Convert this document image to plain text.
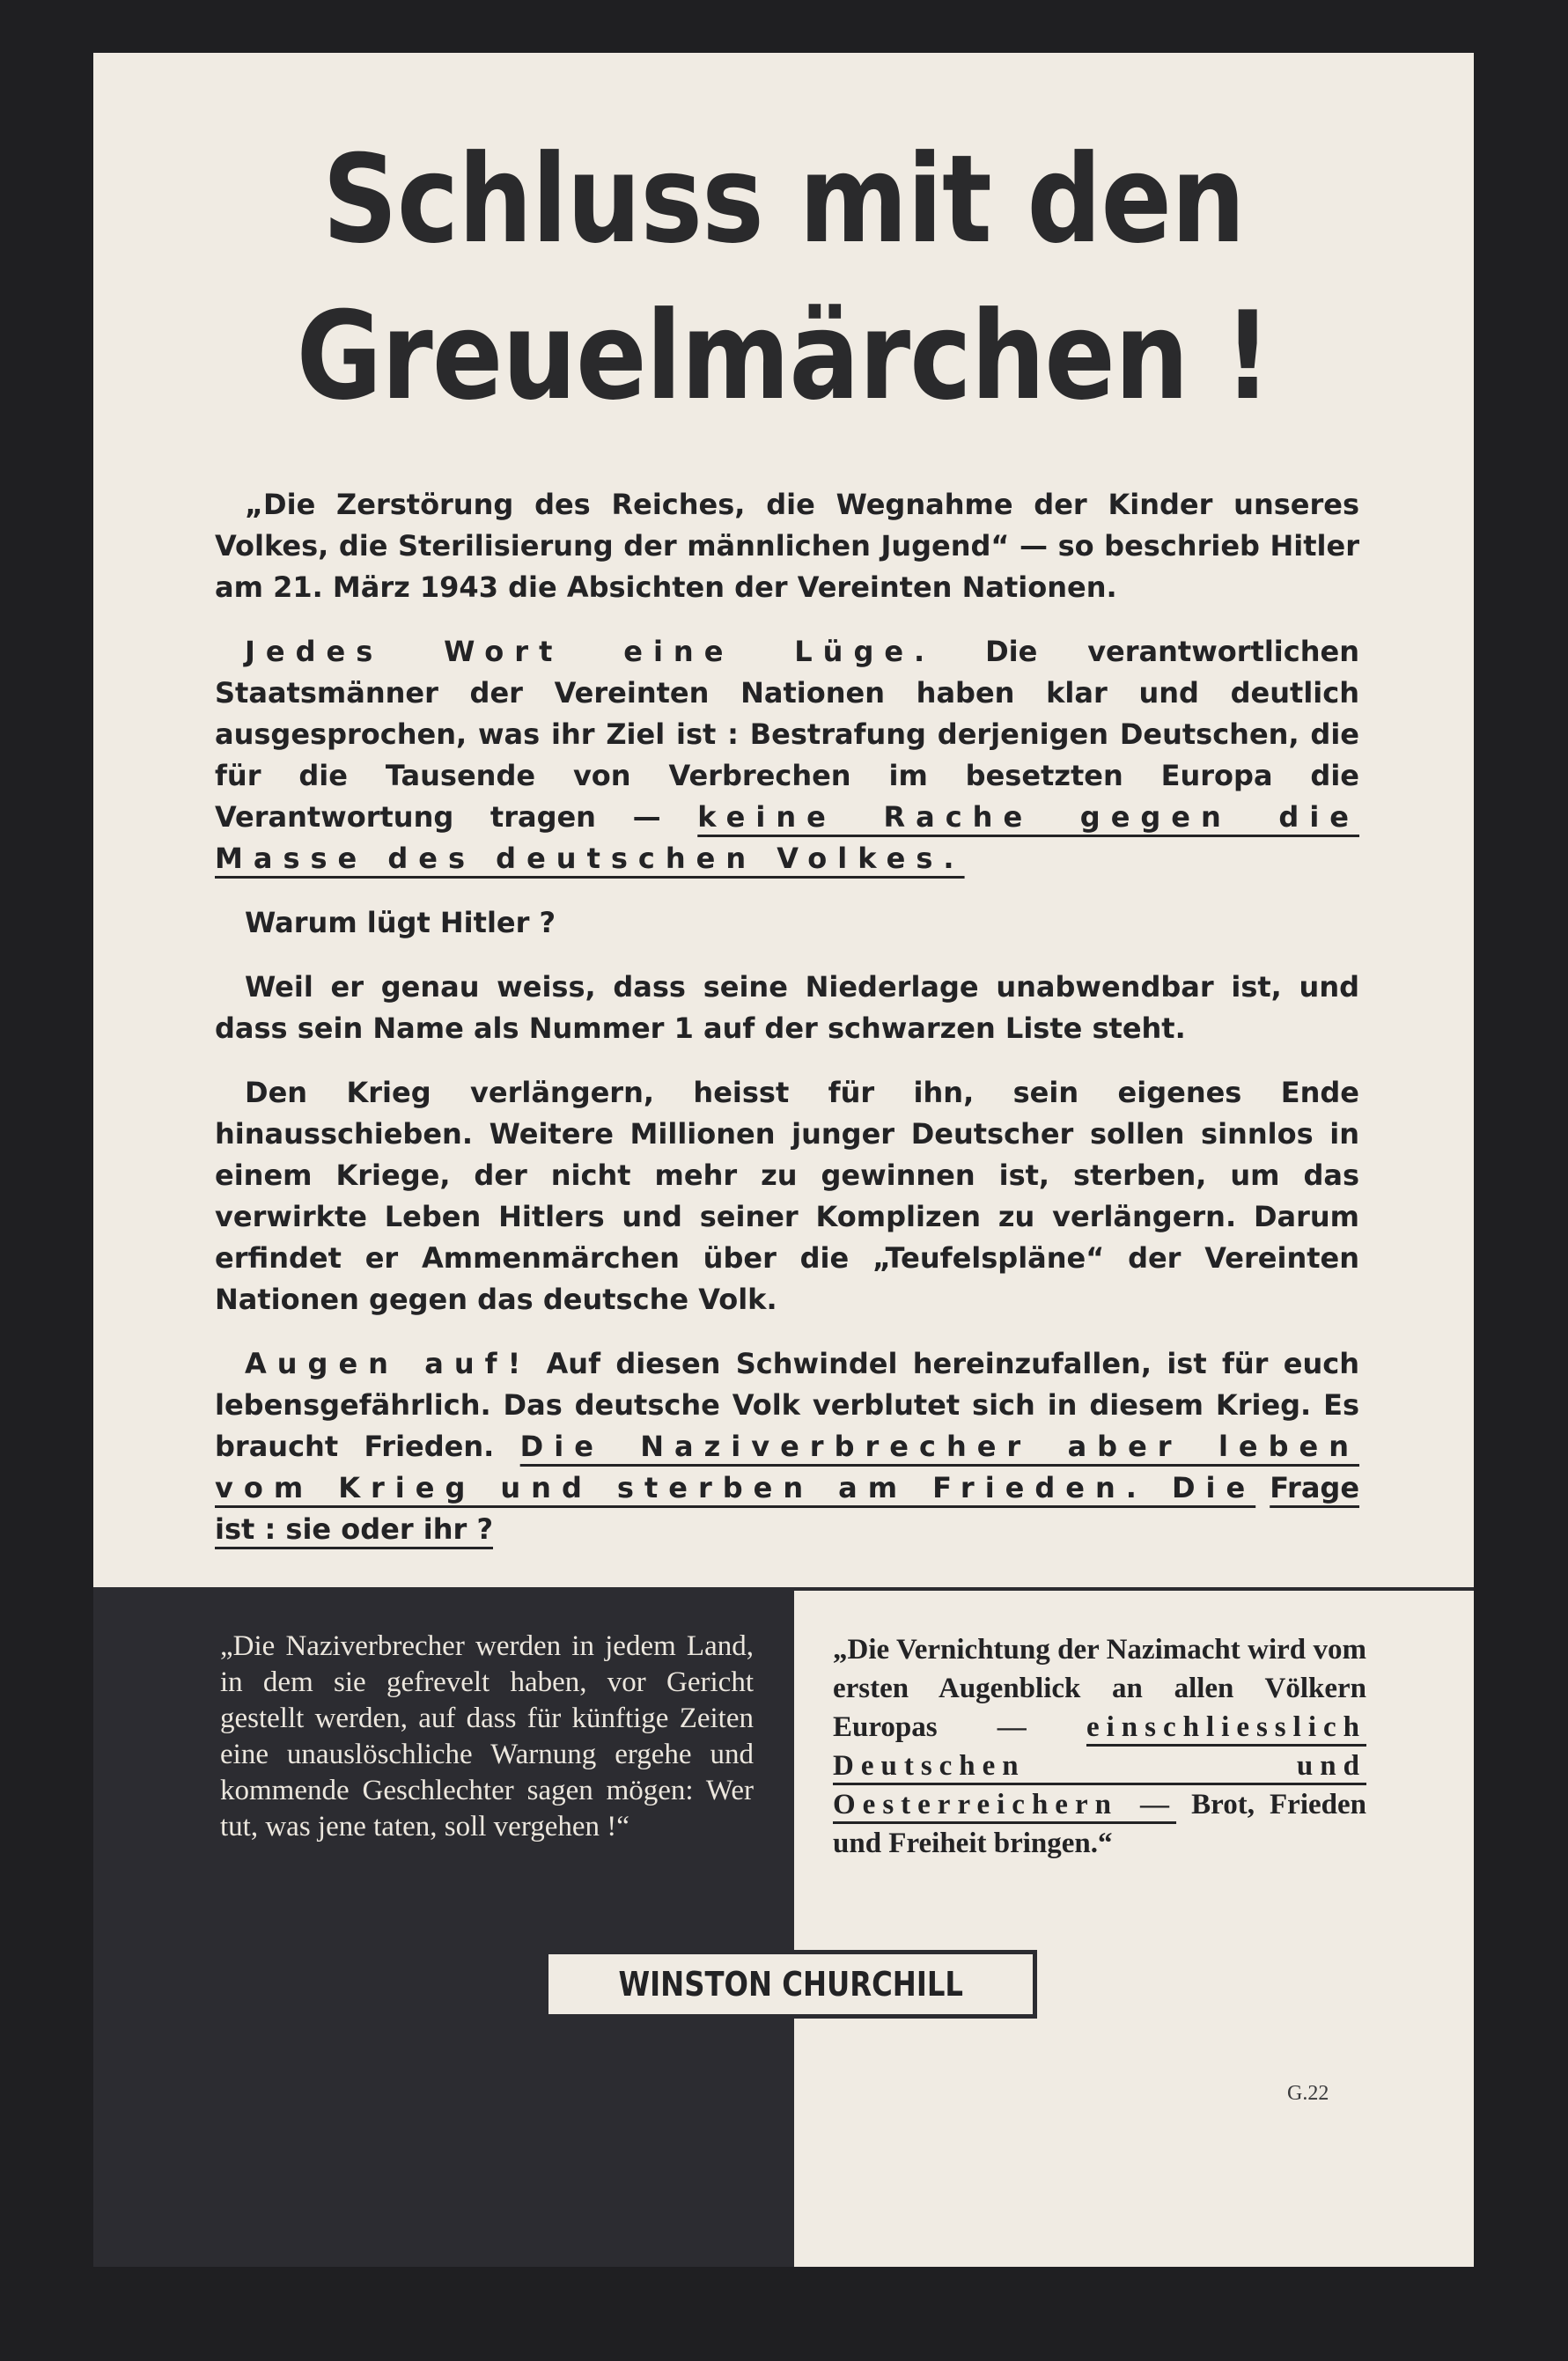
Schluss mit den
Greuelmärchen !

„Die Zerstörung des Reiches, die Wegnahme der Kinder unseres Volkes, die Sterilisierung der männlichen Jugend“ — so beschrieb Hitler am 21. März 1943 die Absichten der Vereinten Nationen.

Jedes Wort eine Lüge. Die verantwortlichen Staatsmänner der Vereinten Nationen haben klar und deutlich ausgesprochen, was ihr Ziel ist : Bestrafung derjenigen Deutschen, die für die Tausende von Verbrechen im besetzten Europa die Verantwortung tragen — keine Rache gegen die Masse des deutschen Volkes.

Warum lügt Hitler ?

Weil er genau weiss, dass seine Niederlage unabwendbar ist, und dass sein Name als Nummer 1 auf der schwarzen Liste steht.

Den Krieg verlängern, heisst für ihn, sein eigenes Ende hinausschieben. Weitere Millionen junger Deutscher sollen sinnlos in einem Kriege, der nicht mehr zu gewinnen ist, sterben, um das verwirkte Leben Hitlers und seiner Komplizen zu verlängern. Darum erfindet er Ammenmärchen über die „Teufelspläne“ der Vereinten Nationen gegen das deutsche Volk.

Augen auf! Auf diesen Schwindel hereinzufallen, ist für euch lebensgefährlich. Das deutsche Volk verblutet sich in diesem Krieg. Es braucht Frieden. Die Naziverbrecher aber leben vom Krieg und sterben am Frieden. Die Frage ist : sie oder ihr ?

„Die Naziverbrecher werden in jedem Land, in dem sie gefrevelt haben, vor Gericht gestellt werden, auf dass für künftige Zeiten eine unauslöschliche Warnung ergehe und kommende Geschlechter sagen mögen: Wer tut, was jene taten, soll vergehen !“

„Die Vernichtung der Nazimacht wird vom ersten Augenblick an allen Völkern Europas — einschliesslich Deutschen und Oesterreichern — Brot, Frieden und Freiheit bringen.“

WINSTON CHURCHILL
G.22
